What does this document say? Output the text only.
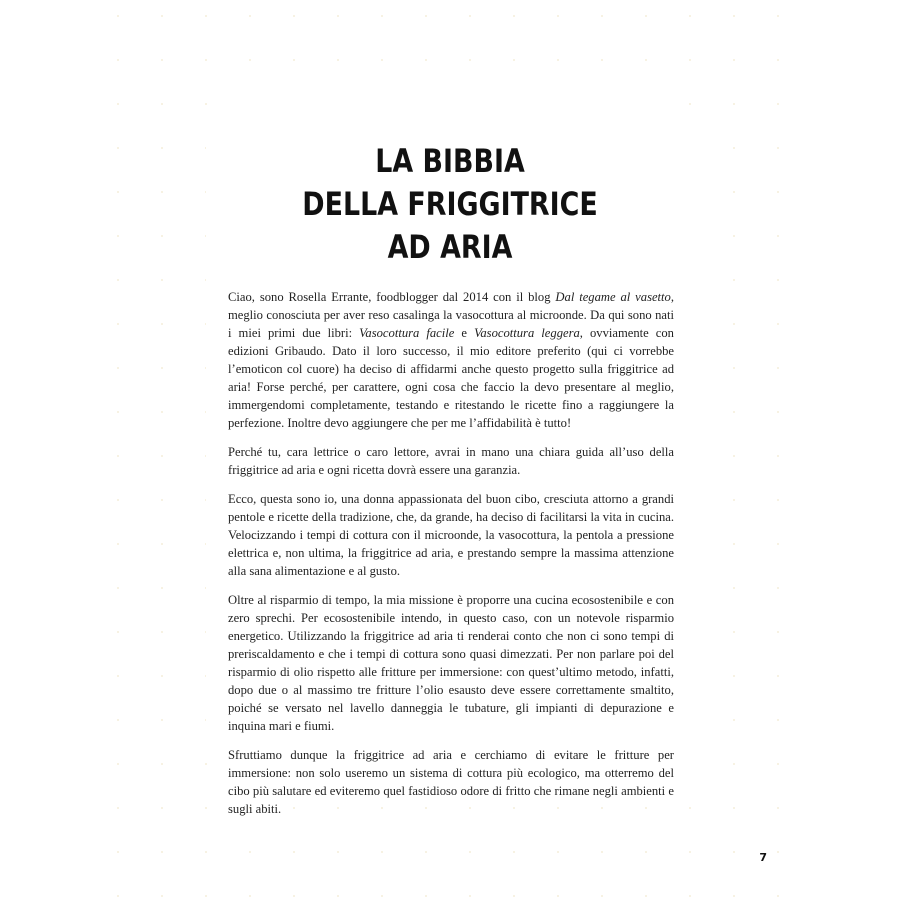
LA BIBBIA
DELLA FRIGGITRICE
AD ARIA

Ciao, sono Rosella Errante, foodblogger dal 2014 con il blog Dal tegame al vasetto, meglio conosciuta per aver reso casalinga la vasocottura al microonde. Da qui sono nati i miei primi due libri: Vasocottura facile e Vasocottura leggera, ovviamente con edizioni Gribaudo. Dato il loro successo, il mio editore preferito (qui ci vorrebbe l’emoticon col cuore) ha deciso di affidarmi anche questo progetto sulla friggitrice ad aria! Forse perché, per carattere, ogni cosa che faccio la devo presentare al meglio, immergendomi completamente, testando e ritestando le ricette fino a raggiungere la perfezione. Inoltre devo aggiungere che per me l’affidabilità è tutto!

Perché tu, cara lettrice o caro lettore, avrai in mano una chiara guida all’uso della friggitrice ad aria e ogni ricetta dovrà essere una garanzia.

Ecco, questa sono io, una donna appassionata del buon cibo, cresciuta attorno a grandi pentole e ricette della tradizione, che, da grande, ha deciso di facilitarsi la vita in cucina. Velocizzando i tempi di cottura con il microonde, la vasocottura, la pentola a pressione elettrica e, non ultima, la friggitrice ad aria, e prestando sempre la massima attenzione alla sana alimentazione e al gusto.

Oltre al risparmio di tempo, la mia missione è proporre una cucina ecosostenibile e con zero sprechi. Per ecosostenibile intendo, in questo caso, con un notevole risparmio energetico. Utilizzando la friggitrice ad aria ti renderai conto che non ci sono tempi di preriscaldamento e che i tempi di cottura sono quasi dimezzati. Per non parlare poi del risparmio di olio rispetto alle fritture per immersione: con quest’ultimo metodo, infatti, dopo due o al massimo tre fritture l’olio esausto deve essere correttamente smaltito, poiché se versato nel lavello danneggia le tubature, gli impianti di depurazione e inquina mari e fiumi.

Sfruttiamo dunque la friggitrice ad aria e cerchiamo di evitare le fritture per immersione: non solo useremo un sistema di cottura più ecologico, ma otterremo del cibo più salutare ed eviteremo quel fastidioso odore di fritto che rimane negli ambienti e sugli abiti.

7
